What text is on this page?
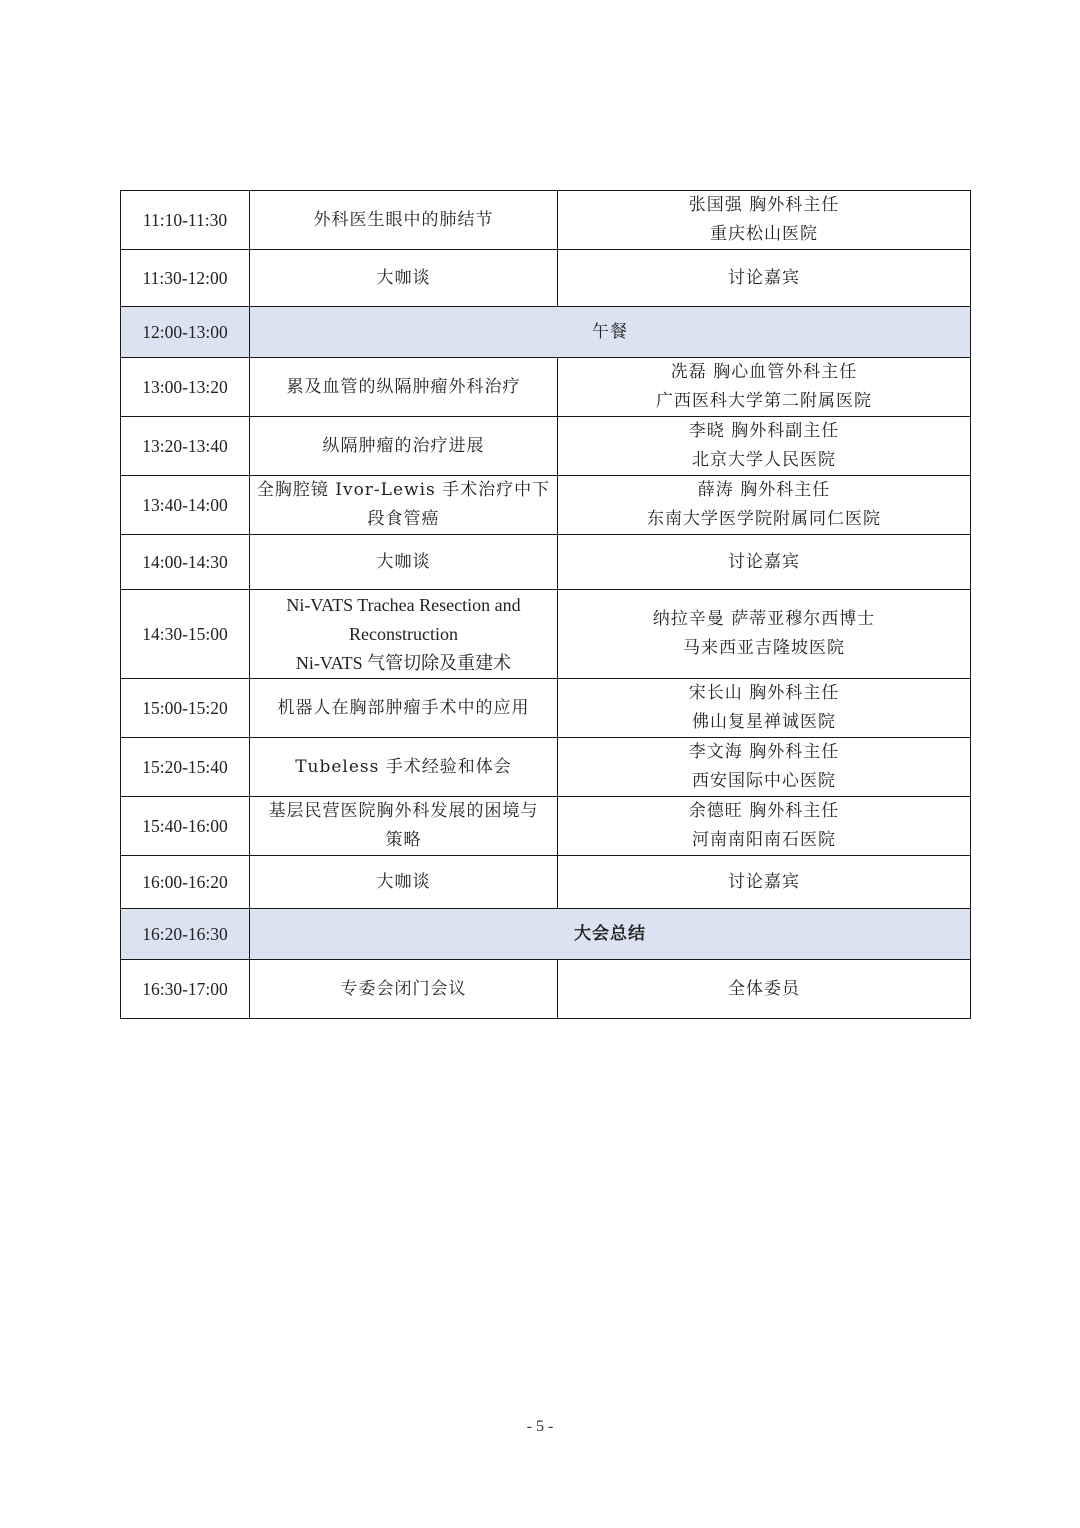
11:10-11:30	外科医生眼中的肺结节	张国强 胸外科主任
重庆松山医院

11:30-12:00	大咖谈	讨论嘉宾

12:00-13:00	午餐	
13:00-13:20	累及血管的纵隔肿瘤外科治疗	冼磊 胸心血管外科主任
广西医科大学第二附属医院

13:20-13:40	纵隔肿瘤的治疗进展	李晓 胸外科副主任
北京大学人民医院

13:40-14:00	全胸腔镜 Ivor-Lewis 手术治疗中下
段食管癌	薛涛 胸外科主任
东南大学医学院附属同仁医院

14:00-14:30	大咖谈	讨论嘉宾

14:30-15:00	Ni-VATS Trachea Resection and
Reconstruction
Ni-VATS 气管切除及重建术	纳拉辛曼 萨蒂亚穆尔西博士
马来西亚吉隆坡医院

15:00-15:20	机器人在胸部肿瘤手术中的应用	宋长山 胸外科主任
佛山复星禅诚医院

15:20-15:40	Tubeless 手术经验和体会	李文海 胸外科主任
西安国际中心医院

15:40-16:00	基层民营医院胸外科发展的困境与
策略	余德旺 胸外科主任
河南南阳南石医院

16:00-16:20	大咖谈	讨论嘉宾

16:20-16:30	大会总结	
16:30-17:00	专委会闭门会议	全体委员
- 5 -
